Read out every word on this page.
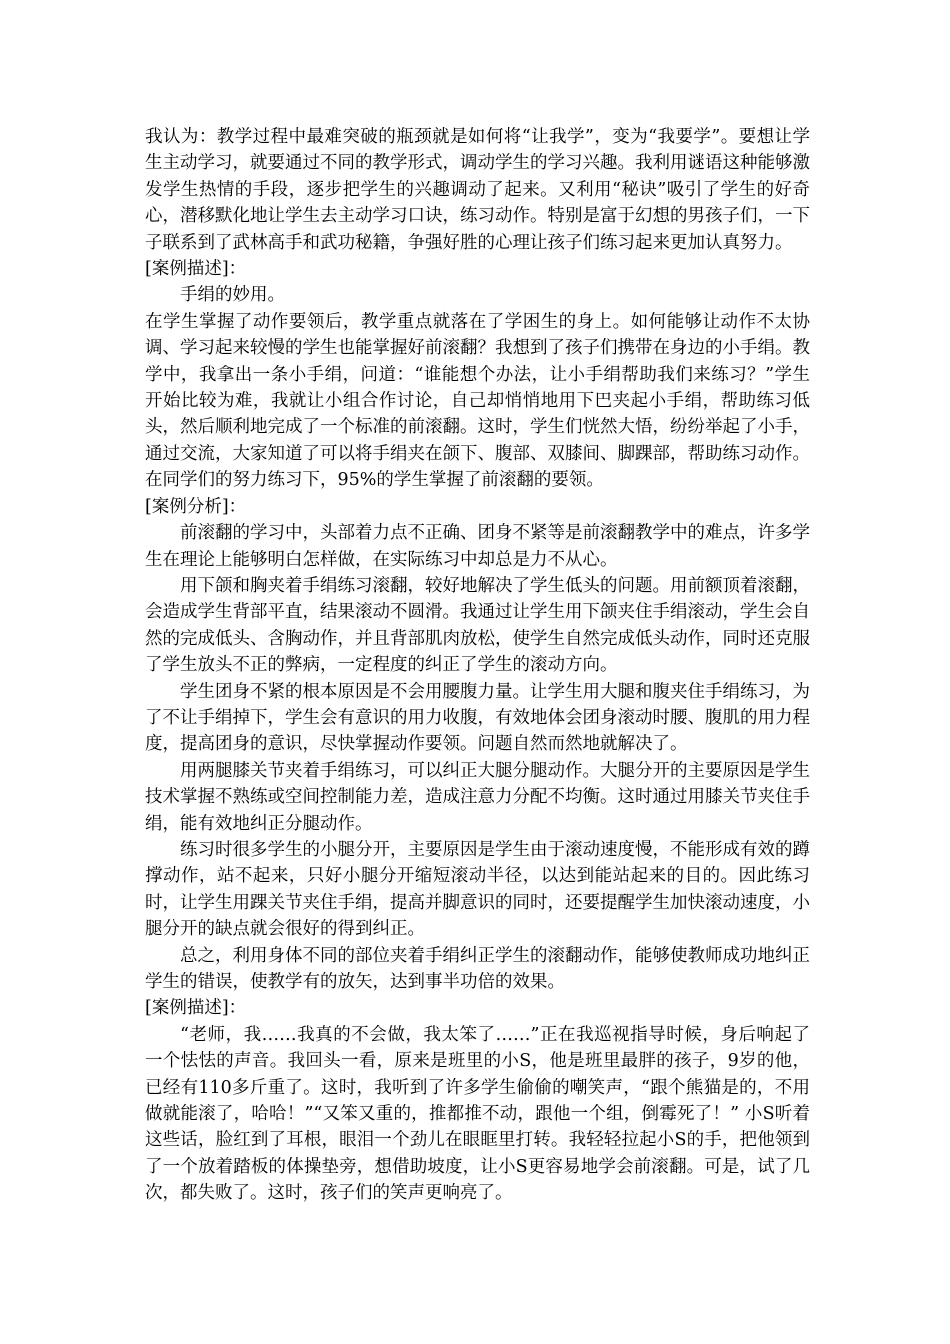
我认为：教学过程中最难突破的瓶颈就是如何将“让我学”，变为“我要学”。要想让学生主动学习，就要通过不同的教学形式，调动学生的学习兴趣。我利用谜语这种能够激发学生热情的手段，逐步把学生的兴趣调动了起来。又利用“秘诀”吸引了学生的好奇心，潜移默化地让学生去主动学习口诀，练习动作。特别是富于幻想的男孩子们，一下子联系到了武林高手和武功秘籍，争强好胜的心理让孩子们练习起来更加认真努力。

[案例描述]：

手绢的妙用。

在学生掌握了动作要领后，教学重点就落在了学困生的身上。如何能够让动作不太协调、学习起来较慢的学生也能掌握好前滚翻？我想到了孩子们携带在身边的小手绢。教学中，我拿出一条小手绢，问道：“谁能想个办法，让小手绢帮助我们来练习？”学生开始比较为难，我就让小组合作讨论，自己却悄悄地用下巴夹起小手绢，帮助练习低头，然后顺利地完成了一个标准的前滚翻。这时，学生们恍然大悟，纷纷举起了小手，通过交流，大家知道了可以将手绢夹在颌下、腹部、双膝间、脚踝部，帮助练习动作。在同学们的努力练习下，95%的学生掌握了前滚翻的要领。

[案例分析]：

前滚翻的学习中，头部着力点不正确、团身不紧等是前滚翻教学中的难点，许多学生在理论上能够明白怎样做，在实际练习中却总是力不从心。

用下颌和胸夹着手绢练习滚翻，较好地解决了学生低头的问题。用前额顶着滚翻，会造成学生背部平直，结果滚动不圆滑。我通过让学生用下颌夹住手绢滚动，学生会自然的完成低头、含胸动作，并且背部肌肉放松，使学生自然完成低头动作，同时还克服了学生放头不正的弊病，一定程度的纠正了学生的滚动方向。

学生团身不紧的根本原因是不会用腰腹力量。让学生用大腿和腹夹住手绢练习，为了不让手绢掉下，学生会有意识的用力收腹，有效地体会团身滚动时腰、腹肌的用力程度，提高团身的意识，尽快掌握动作要领。问题自然而然地就解决了。

用两腿膝关节夹着手绢练习，可以纠正大腿分腿动作。大腿分开的主要原因是学生技术掌握不熟练或空间控制能力差，造成注意力分配不均衡。这时通过用膝关节夹住手绢，能有效地纠正分腿动作。

练习时很多学生的小腿分开，主要原因是学生由于滚动速度慢，不能形成有效的蹲撑动作，站不起来，只好小腿分开缩短滚动半径，以达到能站起来的目的。因此练习时，让学生用踝关节夹住手绢，提高并脚意识的同时，还要提醒学生加快滚动速度，小腿分开的缺点就会很好的得到纠正。

总之，利用身体不同的部位夹着手绢纠正学生的滚翻动作，能够使教师成功地纠正学生的错误，使教学有的放矢，达到事半功倍的效果。

[案例描述]：

“老师，我……我真的不会做，我太笨了……”正在我巡视指导时候，身后响起了一个怯怯的声音。我回头一看，原来是班里的小S，他是班里最胖的孩子，9岁的他，已经有110多斤重了。这时，我听到了许多学生偷偷的嘲笑声，“跟个熊猫是的，不用做就能滚了，哈哈！”“又笨又重的，推都推不动，跟他一个组，倒霉死了！” 小S听着这些话，脸红到了耳根，眼泪一个劲儿在眼眶里打转。我轻轻拉起小S的手，把他领到了一个放着踏板的体操垫旁，想借助坡度，让小S更容易地学会前滚翻。可是，试了几次，都失败了。这时，孩子们的笑声更响亮了。
